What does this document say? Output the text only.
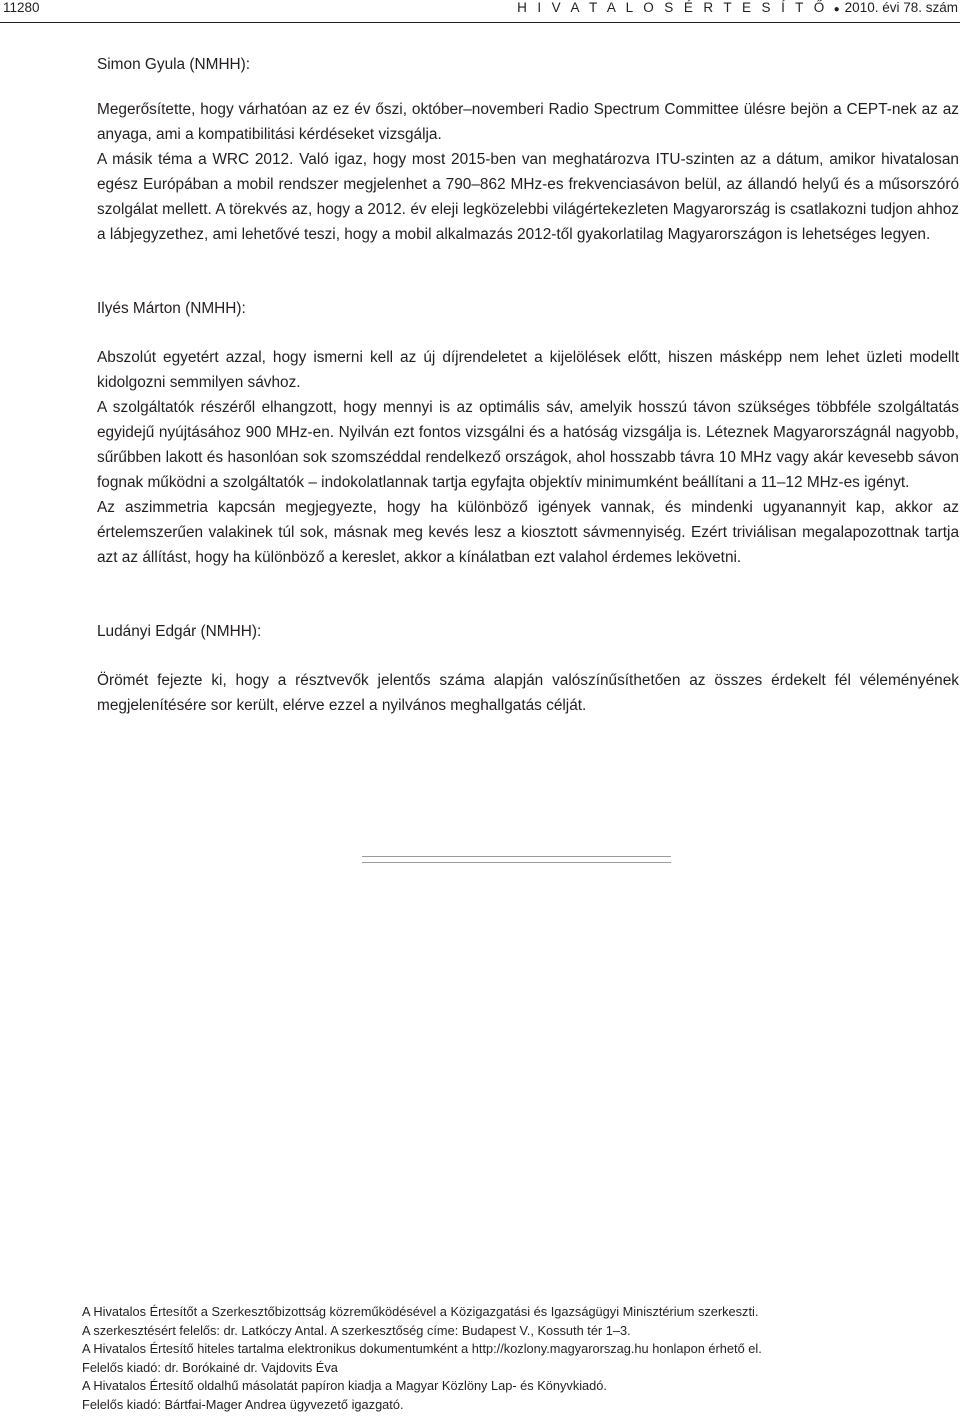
11280	H I V A T A L O S É R T E S Í T Ő ● 2010. évi 78. szám

Simon Gyula (NMHH):

Megerősítette, hogy várhatóan az ez év őszi, október–novemberi Radio Spectrum Committee ülésre bejön a CEPT-nek az az anyaga, ami a kompatibilitási kérdéseket vizsgálja.

A másik téma a WRC 2012. Való igaz, hogy most 2015-ben van meghatározva ITU-szinten az a dátum, amikor hivatalosan egész Európában a mobil rendszer megjelenhet a 790–862 MHz-es frekvenciasávon belül, az állandó helyű és a műsorszóró szolgálat mellett. A törekvés az, hogy a 2012. év eleji legközelebbi világértekezleten Magyarország is csatlakozni tudjon ahhoz a lábjegyzethez, ami lehetővé teszi, hogy a mobil alkalmazás 2012-től gyakorlatilag Magyarországon is lehetséges legyen.

Ilyés Márton (NMHH):

Abszolút egyetért azzal, hogy ismerni kell az új díjrendeletet a kijelölések előtt, hiszen másképp nem lehet üzleti modellt kidolgozni semmilyen sávhoz.

A szolgáltatók részéről elhangzott, hogy mennyi is az optimális sáv, amelyik hosszú távon szükséges többféle szolgáltatás egyidejű nyújtásához 900 MHz-en. Nyilván ezt fontos vizsgálni és a hatóság vizsgálja is. Léteznek Magyarországnál nagyobb, sűrűbben lakott és hasonlóan sok szomszéddal rendelkező országok, ahol hosszabb távra 10 MHz vagy akár kevesebb sávon fognak működni a szolgáltatók – indokolatlannak tartja egyfajta objektív minimumként beállítani a 11–12 MHz-es igényt.

Az aszimmetria kapcsán megjegyezte, hogy ha különböző igények vannak, és mindenki ugyanannyit kap, akkor az értelemszerűen valakinek túl sok, másnak meg kevés lesz a kiosztott sávmennyiség. Ezért triviálisan megalapozottnak tartja azt az állítást, hogy ha különböző a kereslet, akkor a kínálatban ezt valahol érdemes lekövetni.

Ludányi Edgár (NMHH):

Örömét fejezte ki, hogy a résztvevők jelentős száma alapján valószínűsíthetően az összes érdekelt fél véleményének megjelenítésére sor került, elérve ezzel a nyilvános meghallgatás célját.

A Hivatalos Értesítőt a Szerkesztőbizottság közreműködésével a Közigazgatási és Igazságügyi Minisztérium szerkeszti.

A szerkesztésért felelős: dr. Latkóczy Antal. A szerkesztőség címe: Budapest V., Kossuth tér 1–3.

A Hivatalos Értesítő hiteles tartalma elektronikus dokumentumként a http://kozlony.magyarorszag.hu honlapon érhető el.

Felelős kiadó: dr. Borókainé dr. Vajdovits Éva

A Hivatalos Értesítő oldalhű másolatát papíron kiadja a Magyar Közlöny Lap- és Könyvkiadó.

Felelős kiadó: Bártfai-Mager Andrea ügyvezető igazgató.
